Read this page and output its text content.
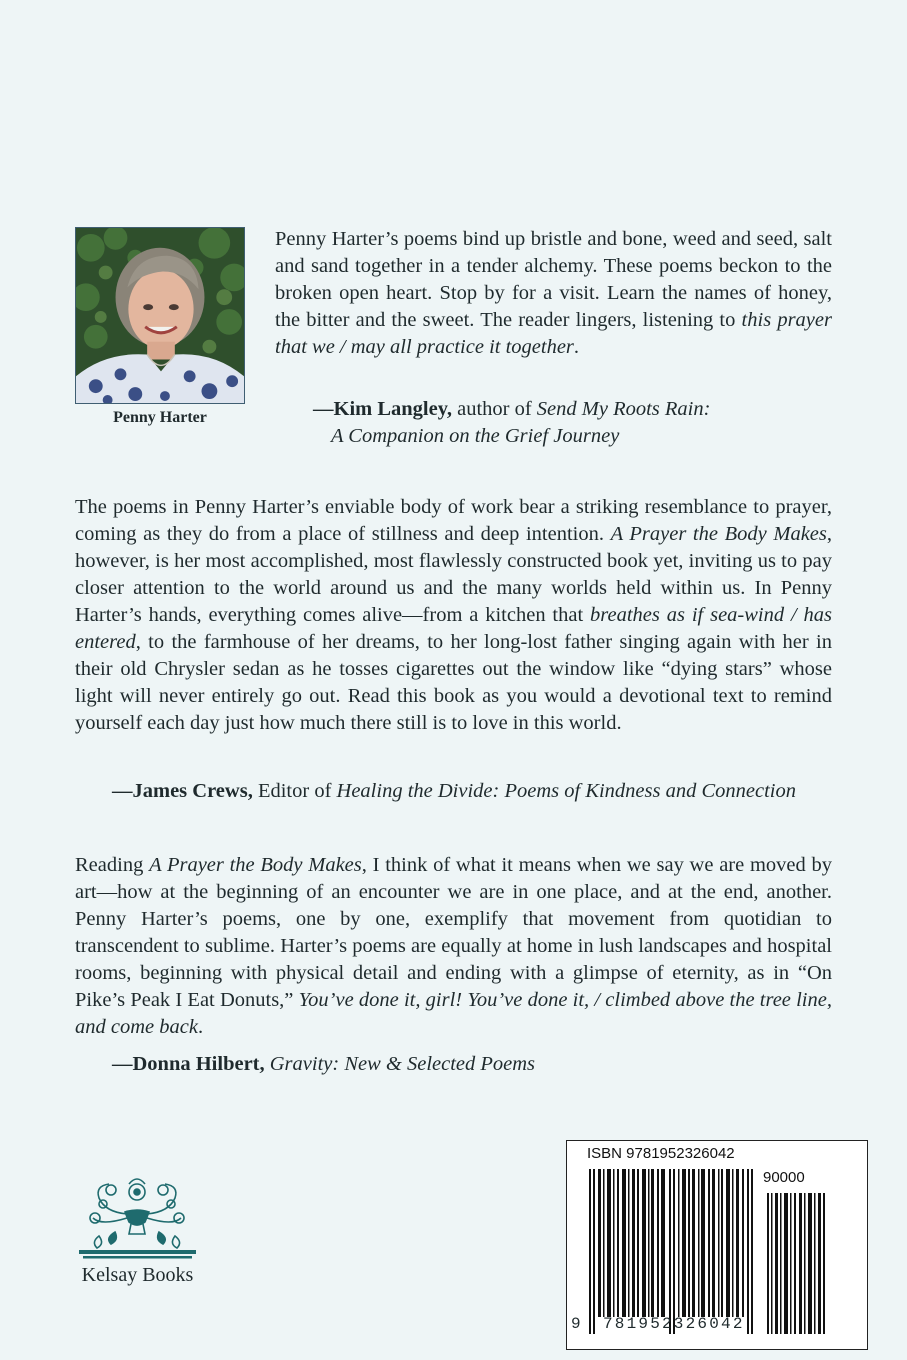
Penny Harter

Penny Harter’s poems bind up bristle and bone, weed and seed, salt and sand together in a tender alchemy. These poems beckon to the broken open heart. Stop by for a visit. Learn the names of honey, the bitter and the sweet. The reader lingers, listening to this prayer that we / may all practice it together.

—Kim Langley, author of Send My Roots Rain:
A Companion on the Grief Journey

The poems in Penny Harter’s enviable body of work bear a striking resemblance to prayer, coming as they do from a place of stillness and deep intention. A Prayer the Body Makes, however, is her most accomplished, most flawlessly constructed book yet, inviting us to pay closer attention to the world around us and the many worlds held within us. In Penny Harter’s hands, everything comes alive—from a kitchen that breathes as if sea-wind / has entered, to the farmhouse of her dreams, to her long-lost father singing again with her in their old Chrysler sedan as he tosses cigarettes out the window like “dying stars” whose light will never entirely go out. Read this book as you would a devotional text to remind yourself each day just how much there still is to love in this world.

—James Crews, Editor of Healing the Divide: Poems of Kindness and Connection

Reading A Prayer the Body Makes, I think of what it means when we say we are moved by art—how at the beginning of an encounter we are in one place, and at the end, another. Penny Harter’s poems, one by one, exemplify that movement from quotidian to transcendent to sublime. Harter’s poems are equally at home in lush landscapes and hospital rooms, beginning with physical detail and ending with a glimpse of eternity, as in “On Pike’s Peak I Eat Donuts,” You’ve done it, girl! You’ve done it, / climbed above the tree line, and come back.

—Donna Hilbert, Gravity: New & Selected Poems
Kelsay Books
ISBN 9781952326042
90000
9 781952326042
